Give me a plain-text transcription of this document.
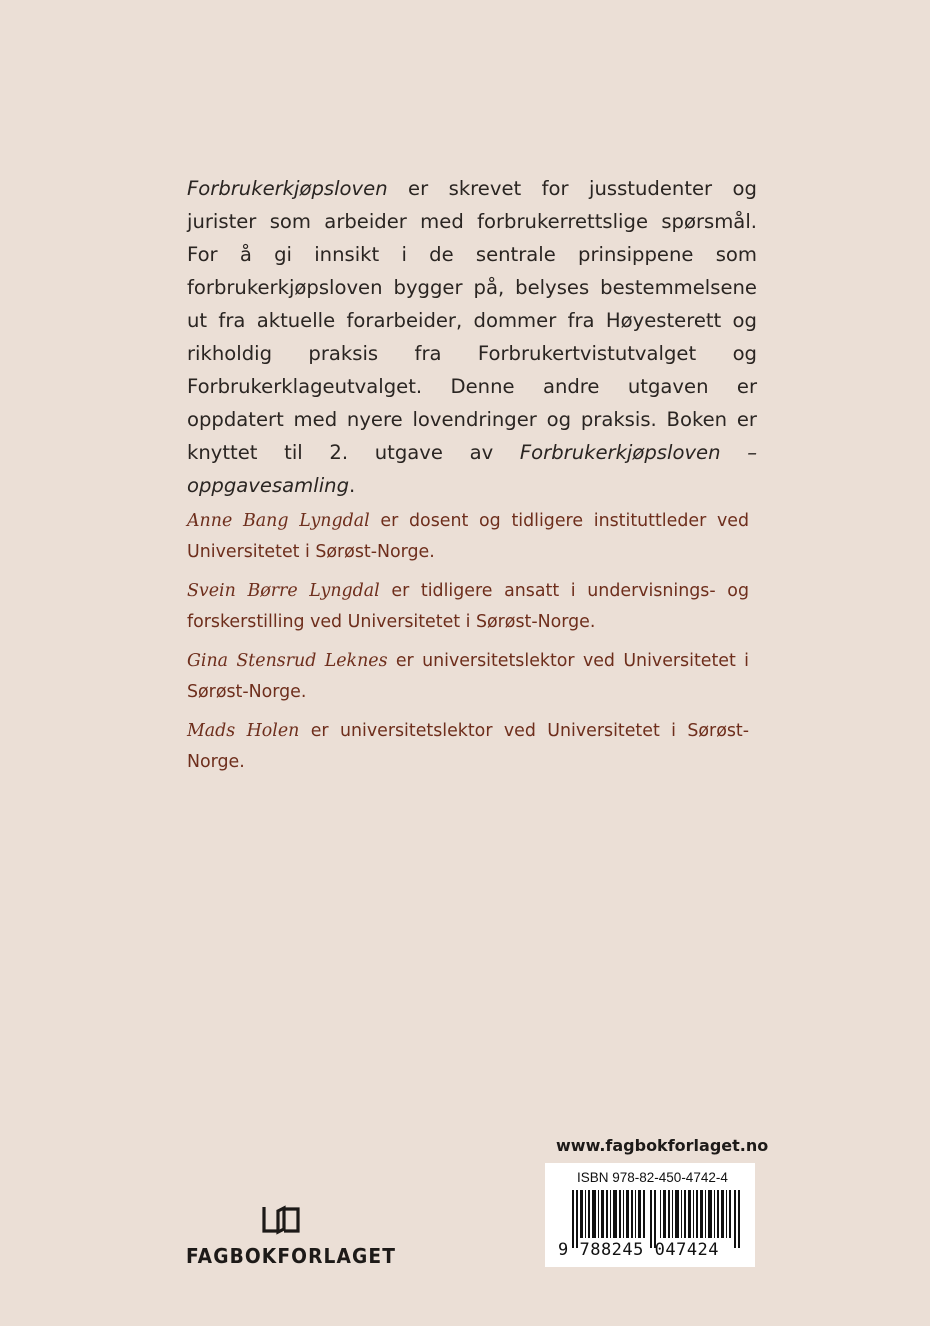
Forbrukerkjøpsloven er skrevet for jusstudenter og jurister som arbeider med forbrukerrettslige spørsmål. For å gi innsikt i de sentrale prinsippene som forbrukerkjøpsloven bygger på, belyses bestemmelsene ut fra aktuelle forarbeider, dommer fra Høyesterett og rikholdig praksis fra Forbrukertvistutvalget og Forbrukerklageutvalget. Denne andre utgaven er oppdatert med nyere lovendringer og praksis. Boken er knyttet til 2. utgave av Forbrukerkjøpsloven – oppgavesamling.

Anne Bang Lyngdal er dosent og tidligere instituttleder ved Universitetet i Sørøst-Norge.

Svein Børre Lyngdal er tidligere ansatt i undervisnings- og forskerstilling ved Universitetet i Sørøst-Norge.

Gina Stensrud Leknes er universitetslektor ved Universitetet i Sørøst-Norge.

Mads Holen er universitetslektor ved Universitetet i Sørøst-Norge.

www.fagbokforlaget.no
ISBN 978-82-450-4742-4
9 788245 047424
FAGBOKFORLAGET
